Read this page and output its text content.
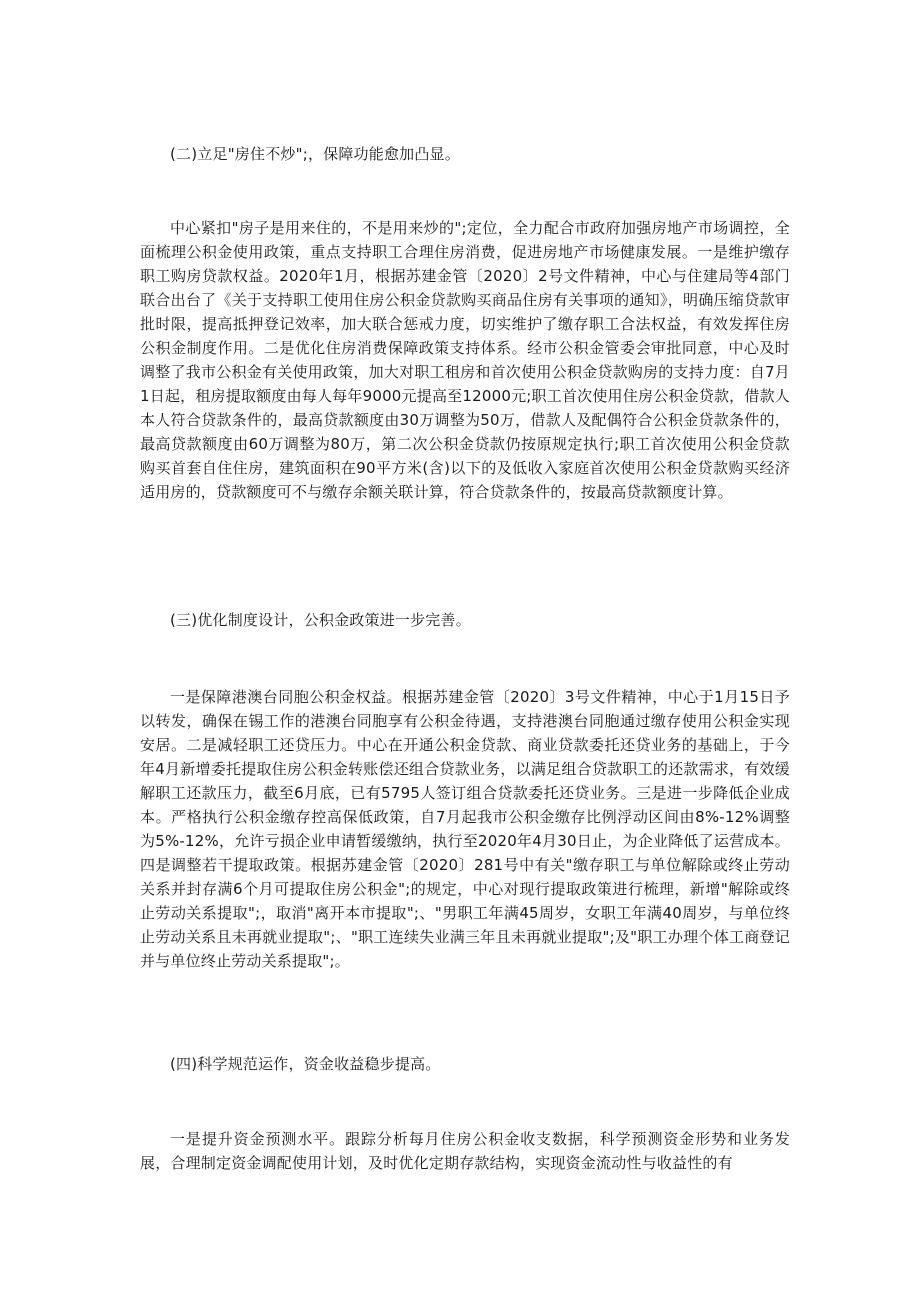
(二)立足"房住不炒";，保障功能愈加凸显。

中心紧扣"房子是用来住的，不是用来炒的";定位，全力配合市政府加强房地产市场调控，全面梳理公积金使用政策，重点支持职工合理住房消费，促进房地产市场健康发展。一是维护缴存职工购房贷款权益。2020年1月，根据苏建金管〔2020〕2号文件精神，中心与住建局等4部门联合出台了《关于支持职工使用住房公积金贷款购买商品住房有关事项的通知》，明确压缩贷款审批时限，提高抵押登记效率，加大联合惩戒力度，切实维护了缴存职工合法权益，有效发挥住房公积金制度作用。二是优化住房消费保障政策支持体系。经市公积金管委会审批同意，中心及时调整了我市公积金有关使用政策，加大对职工租房和首次使用公积金贷款购房的支持力度：自7月1日起，租房提取额度由每人每年9000元提高至12000元;职工首次使用住房公积金贷款，借款人本人符合贷款条件的，最高贷款额度由30万调整为50万，借款人及配偶符合公积金贷款条件的，最高贷款额度由60万调整为80万，第二次公积金贷款仍按原规定执行;职工首次使用公积金贷款购买首套自住住房，建筑面积在90平方米(含)以下的及低收入家庭首次使用公积金贷款购买经济适用房的，贷款额度可不与缴存余额关联计算，符合贷款条件的，按最高贷款额度计算。

(三)优化制度设计，公积金政策进一步完善。

一是保障港澳台同胞公积金权益。根据苏建金管〔2020〕3号文件精神，中心于1月15日予以转发，确保在锡工作的港澳台同胞享有公积金待遇，支持港澳台同胞通过缴存使用公积金实现安居。二是减轻职工还贷压力。中心在开通公积金贷款、商业贷款委托还贷业务的基础上，于今年4月新增委托提取住房公积金转账偿还组合贷款业务，以满足组合贷款职工的还款需求，有效缓解职工还款压力，截至6月底，已有5795人签订组合贷款委托还贷业务。三是进一步降低企业成本。严格执行公积金缴存控高保低政策，自7月起我市公积金缴存比例浮动区间由8%-12%调整为5%-12%，允许亏损企业申请暂缓缴纳，执行至2020年4月30日止，为企业降低了运营成本。四是调整若干提取政策。根据苏建金管〔2020〕281号中有关"缴存职工与单位解除或终止劳动关系并封存满6个月可提取住房公积金";的规定，中心对现行提取政策进行梳理，新增"解除或终止劳动关系提取";，取消"离开本市提取";、"男职工年满45周岁，女职工年满40周岁，与单位终止劳动关系且未再就业提取";、"职工连续失业满三年且未再就业提取";及"职工办理个体工商登记并与单位终止劳动关系提取";。

(四)科学规范运作，资金收益稳步提高。

一是提升资金预测水平。跟踪分析每月住房公积金收支数据，科学预测资金形势和业务发展，合理制定资金调配使用计划，及时优化定期存款结构，实现资金流动性与收益性的有
